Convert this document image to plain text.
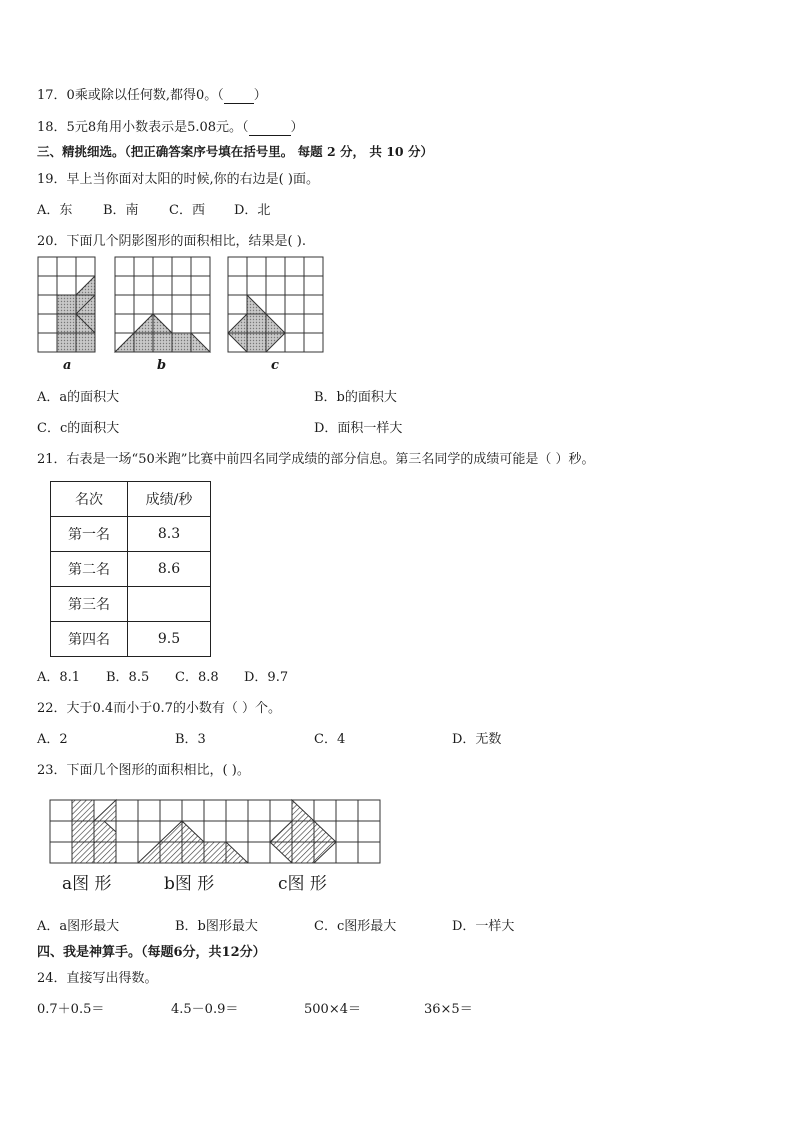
17．0乘或除以任何数,都得0。（ ）
18．5元8角用小数表示是5.08元。（	）
三、精挑细选。（把正确答案序号填在括号里。 每题 2 分， 共 10 分）
19．早上当你面对太阳的时候,你的右边是( )面。
A．东 B．南 C．西 D．北
20．下面几个阴影图形的面积相比，结果是( ).
a	b	c
A．a的面积大	B．b的面积大
C．c的面积大	D．面积一样大
21．右表是一场“50米跑”比赛中前四名同学成绩的部分信息。第三名同学的成绩可能是（ ）秒。
名次	成绩/秒
第一名	8.3
第二名	8.6
第三名	
第四名	9.5
A．8.1 B．8.5 C．8.8 D．9.7
22．大于0.4而小于0.7的小数有（ ）个。
A．2	B．3	C．4	D．无数
23．下面几个图形的面积相比，( )。
a图 形	b图 形	c图 形
A．a图形最大	B．b图形最大	C．c图形最大	D．一样大
四、我是神算手。（每题6分，共12分）
24．直接写出得数。
0.7＋0.5＝	4.5－0.9＝	500×4＝	36×5＝
